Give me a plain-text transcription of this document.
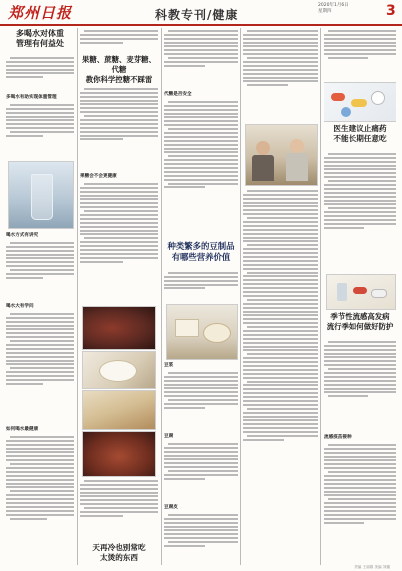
郑州日报	科教专刊/健康
2020年1月6日
星期四	3
多喝水对体重
管理有何益处
多喝水有助实现体重管理
喝水方式有讲究
喝水大有学问
如何喝水最健康
果糖、蔗糖、麦芽糖、代糖
教你科学控糖不踩雷
果糖会不会更健康
天再冷也别常吃
太烫的东西
代糖是否安全
种类繁多的豆制品
有哪些营养价值
豆浆
豆腐
豆腐皮
医生建议止痛药
不能长期任意吃
季节性流感高发病
流行季如何做好防护
流感疫苗接种
责编 王丽娟 美编 刘璐
